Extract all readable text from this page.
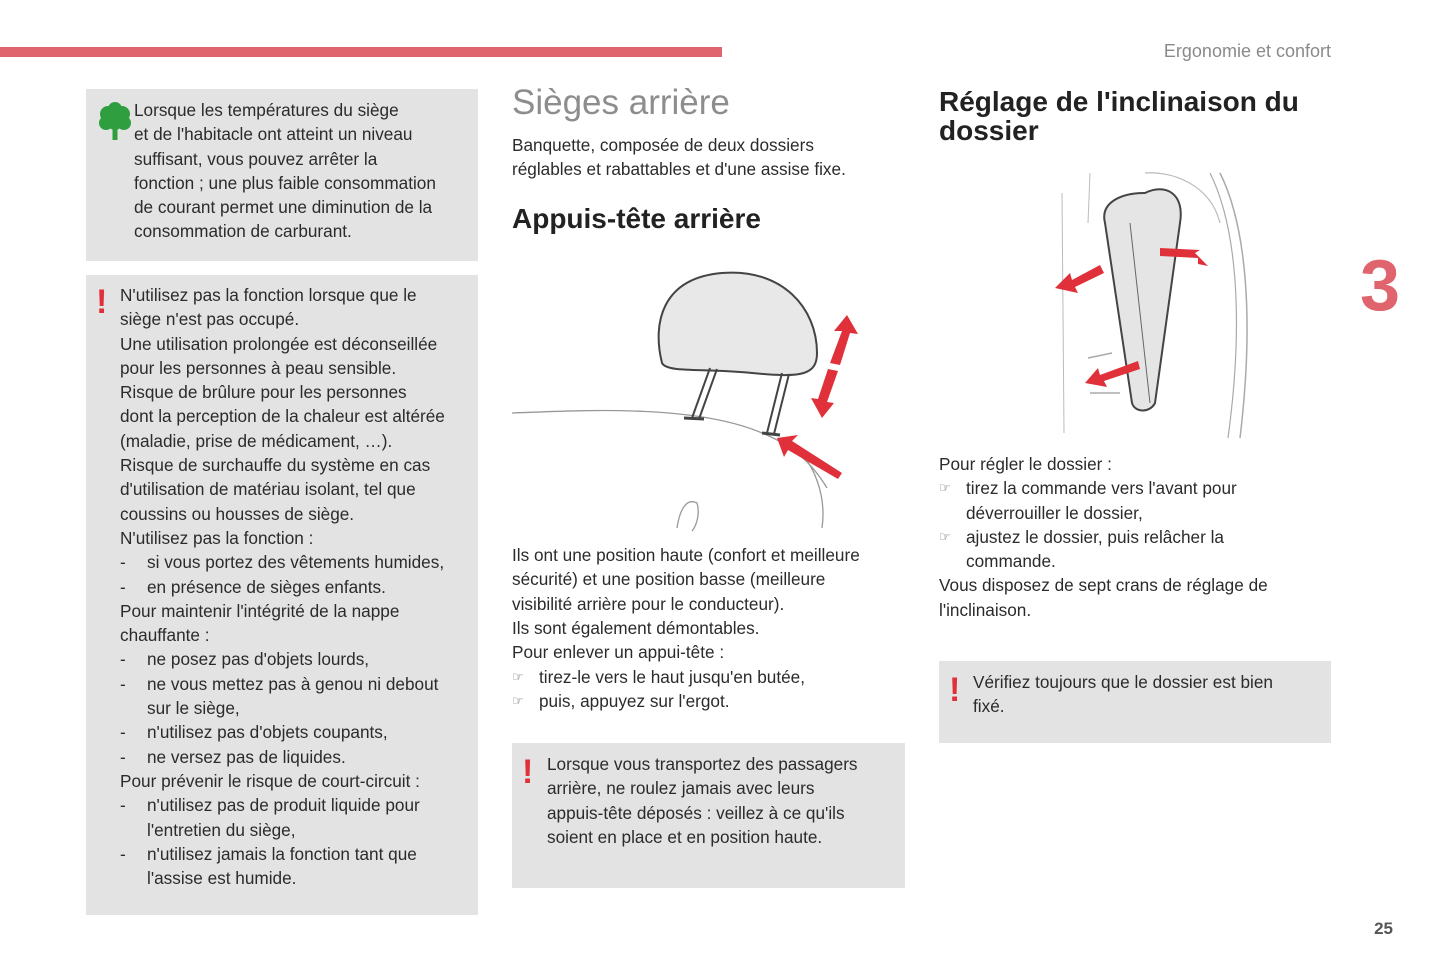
Ergonomie et confort
3
25

Lorsque les températures du siège

et de l'habitacle ont atteint un niveau

suffisant, vous pouvez arrêter la

fonction ; une plus faible consommation

de courant permet une diminution de la

consommation de carburant.

! N'utilisez pas la fonction lorsque que le

siège n'est pas occupé.

Une utilisation prolongée est déconseillée

pour les personnes à peau sensible.

Risque de brûlure pour les personnes

dont la perception de la chaleur est altérée

(maladie, prise de médicament, …).

Risque de surchauffe du système en cas

d'utilisation de matériau isolant, tel que

coussins ou housses de siège.

N'utilisez pas la fonction :

-	si vous portez des vêtements humides,
-	en présence de sièges enfants.

Pour maintenir l'intégrité de la nappe

chauffante :

-	ne posez pas d'objets lourds,
-	ne vous mettez pas à genou ni debout
sur le siège,
-	n'utilisez pas d'objets coupants,
-	ne versez pas de liquides.

Pour prévenir le risque de court-circuit :

-	n'utilisez pas de produit liquide pour
l'entretien du siège,
-	n'utilisez jamais la fonction tant que
l'assise est humide.
Sièges arrière

Banquette, composée de deux dossiers

réglables et rabattables et d'une assise fixe.

Appuis-tête arrière

Ils ont une position haute (confort et meilleure

sécurité) et une position basse (meilleure

visibilité arrière pour le conducteur).

Ils sont également démontables.

Pour enlever un appui-tête :

☞ tirez-le vers le haut jusqu'en butée,
☞ puis, appuyez sur l'ergot.
! Lorsque vous transportez des passagers

arrière, ne roulez jamais avec leurs

appuis-tête déposés : veillez à ce qu'ils

soient en place et en position haute.

Réglage de l'inclinaison du
dossier

Pour régler le dossier :

☞ tirez la commande vers l'avant pour
déverrouiller le dossier,
☞ ajustez le dossier, puis relâcher la
commande.

Vous disposez de sept crans de réglage de

l'inclinaison.

! Vérifiez toujours que le dossier est bien

fixé.
